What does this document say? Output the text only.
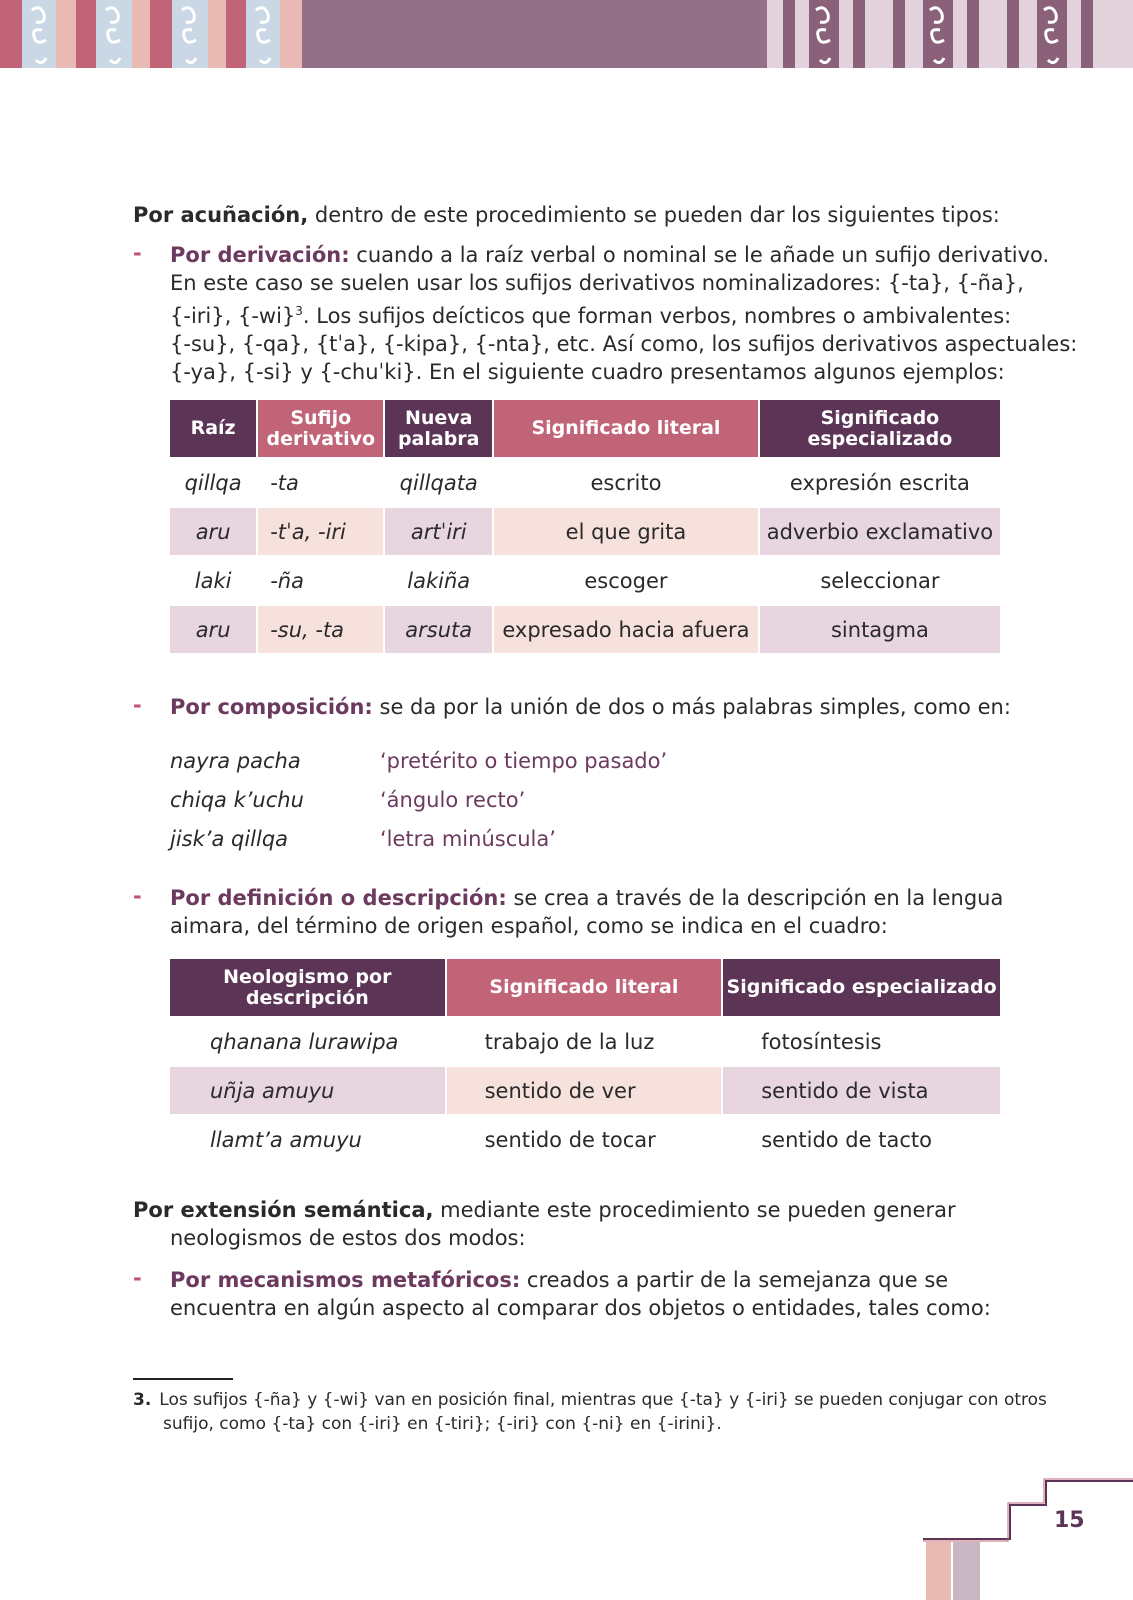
Por acuñación, dentro de este procedimiento se pueden dar los siguientes tipos:
- Por derivación: cuando a la raíz verbal o nominal se le añade un sufijo derivativo.
En este caso se suelen usar los sufijos derivativos nominalizadores: {-ta}, {-ña},
{-iri}, $\{-wi\}^3$. Los sufijos deícticos que forman verbos, nombres o ambivalentes:
{-su}, {-qa}, {tˈa}, {-kipa}, {-nta}, etc. Así como, los sufijos derivativos aspectuales:
{-ya}, {-si} y {-chuˈki}. En el siguiente cuadro presentamos algunos ejemplos:
Raíz	Sufijo derivativo	Nueva palabra	Significado literal	Significado especializado
qillqa	-ta	qillqata	escrito	expresión escrita
aru	-tˈa, -iri	artˈiri	el que grita	adverbio exclamativo
laki	-ña	lakiña	escoger	seleccionar
aru	-su, -ta	arsuta	expresado hacia afuera	sintagma
- Por composición: se da por la unión de dos o más palabras simples, como en:
nayra pacha	‘pretérito o tiempo pasado’
chiqa k’uchu	‘ángulo recto’
jisk’a qillqa	‘letra minúscula’
- Por definición o descripción: se crea a través de la descripción en la lengua
aimara, del término de origen español, como se indica en el cuadro:
Neologismo por descripción	Significado literal	Significado especializado
qhanana lurawipa	trabajo de la luz	fotosíntesis
uñja amuyu	sentido de ver	sentido de vista
llamt’a amuyu	sentido de tocar	sentido de tacto
Por extensión semántica, mediante este procedimiento se pueden generar
neologismos de estos dos modos:
- Por mecanismos metafóricos: creados a partir de la semejanza que se
encuentra en algún aspecto al comparar dos objetos o entidades, tales como:
3. Los sufijos {-ña} y {-wi} van en posición final, mientras que {-ta} y {-iri} se pueden conjugar con otros
sufijo, como {-ta} con {-iri} en {-tiri}; {-iri} con {-ni} en {-irini}.
15
